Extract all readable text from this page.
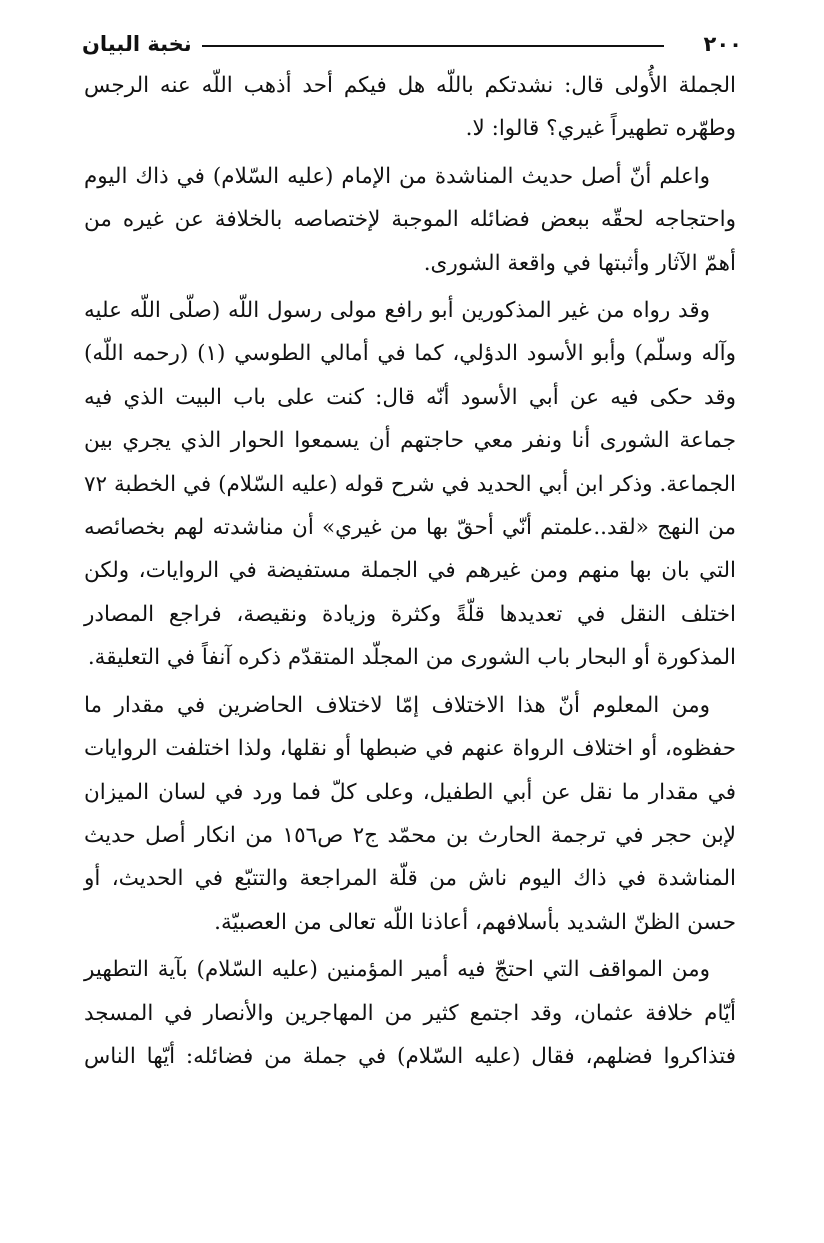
نخبة البيان	٢٠٠

الجملة الأُولى قال: نشدتكم باللّه هل فيكم أحد أذهب اللّه عنه الرجس وطهّره تطهيراً غيري؟ قالوا: لا.

واعلم أنّ أصل حديث المناشدة من الإمام (عليه السّلام) في ذاك اليوم واحتجاجه لحقّه ببعض فضائله الموجبة لإختصاصه بالخلافة عن غيره من أهمّ الآثار وأثبتها في واقعة الشورى.

وقد رواه من غير المذكورين أبو رافع مولى رسول اللّه (صلّى اللّه عليه وآله وسلّم) وأبو الأسود الدؤلي، كما في أمالي الطوسي (١) (رحمه اللّه) وقد حكى فيه عن أبي الأسود أنّه قال: كنت على باب البيت الذي فيه جماعة الشورى أنا ونفر معي حاجتهم أن يسمعوا الحوار الذي يجري بين الجماعة. وذكر ابن أبي الحديد في شرح قوله (عليه السّلام) في الخطبة ٧٢ من النهج «لقد..علمتم أنّي أحقّ بها من غيري» أن مناشدته لهم بخصائصه التي بان بها منهم ومن غيرهم في الجملة مستفيضة في الروايات، ولكن اختلف النقل في تعديدها قلّةً وكثرة وزيادة ونقيصة، فراجع المصادر المذكورة أو البحار باب الشورى من المجلّد المتقدّم ذكره آنفاً في التعليقة.

ومن المعلوم أنّ هذا الاختلاف إمّا لاختلاف الحاضرين في مقدار ما حفظوه، أو اختلاف الرواة عنهم في ضبطها أو نقلها، ولذا اختلفت الروايات في مقدار ما نقل عن أبي الطفيل، وعلى كلّ فما ورد في لسان الميزان لإبن حجر في ترجمة الحارث بن محمّد ج٢ ص١٥٦ من انكار أصل حديث المناشدة في ذاك اليوم ناش من قلّة المراجعة والتتبّع في الحديث، أو حسن الظنّ الشديد بأسلافهم، أعاذنا اللّه تعالى من العصبيّة.

ومن المواقف التي احتجّ فيه أمير المؤمنين (عليه السّلام) بآية التطهير أيّام خلافة عثمان، وقد اجتمع كثير من المهاجرين والأنصار في المسجد فتذاكروا فضلهم، فقال (عليه السّلام) في جملة من فضائله: أيّها الناس
